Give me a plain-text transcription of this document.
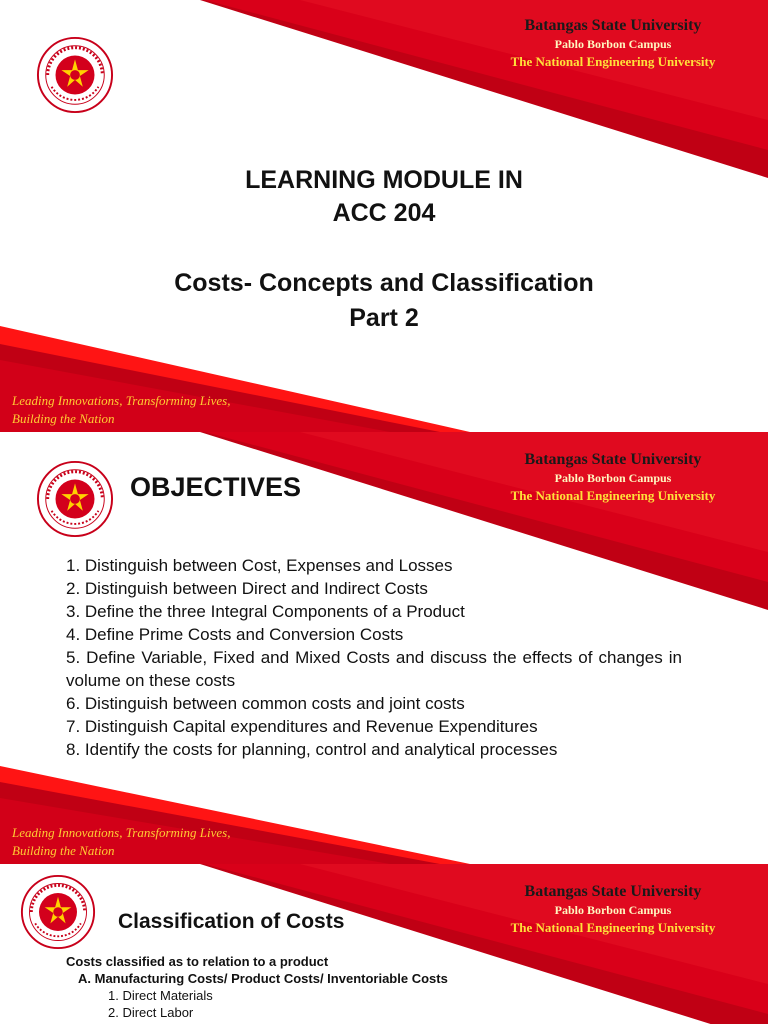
Batangas State University
Pablo Borbon Campus
The National Engineering University
LEARNING MODULE IN
ACC 204
Costs- Concepts and Classification
Part 2
Leading Innovations, Transforming Lives,
Building the Nation
Batangas State University
Pablo Borbon Campus
The National Engineering University
OBJECTIVES
1. Distinguish between Cost, Expenses and Losses
2. Distinguish between Direct and Indirect Costs
3. Define the three Integral Components of a Product
4. Define Prime Costs and Conversion Costs
5. Define Variable, Fixed and Mixed Costs and discuss the effects of changes in volume on these costs
6. Distinguish between common costs and joint costs
7. Distinguish Capital expenditures and Revenue Expenditures
8. Identify the costs for planning, control and analytical processes
Leading Innovations, Transforming Lives,
Building the Nation
Batangas State University
Pablo Borbon Campus
The National Engineering University
Classification of Costs
Costs classified as to relation to a product
A. Manufacturing Costs/ Product Costs/ Inventoriable Costs
1. Direct Materials
2. Direct Labor
